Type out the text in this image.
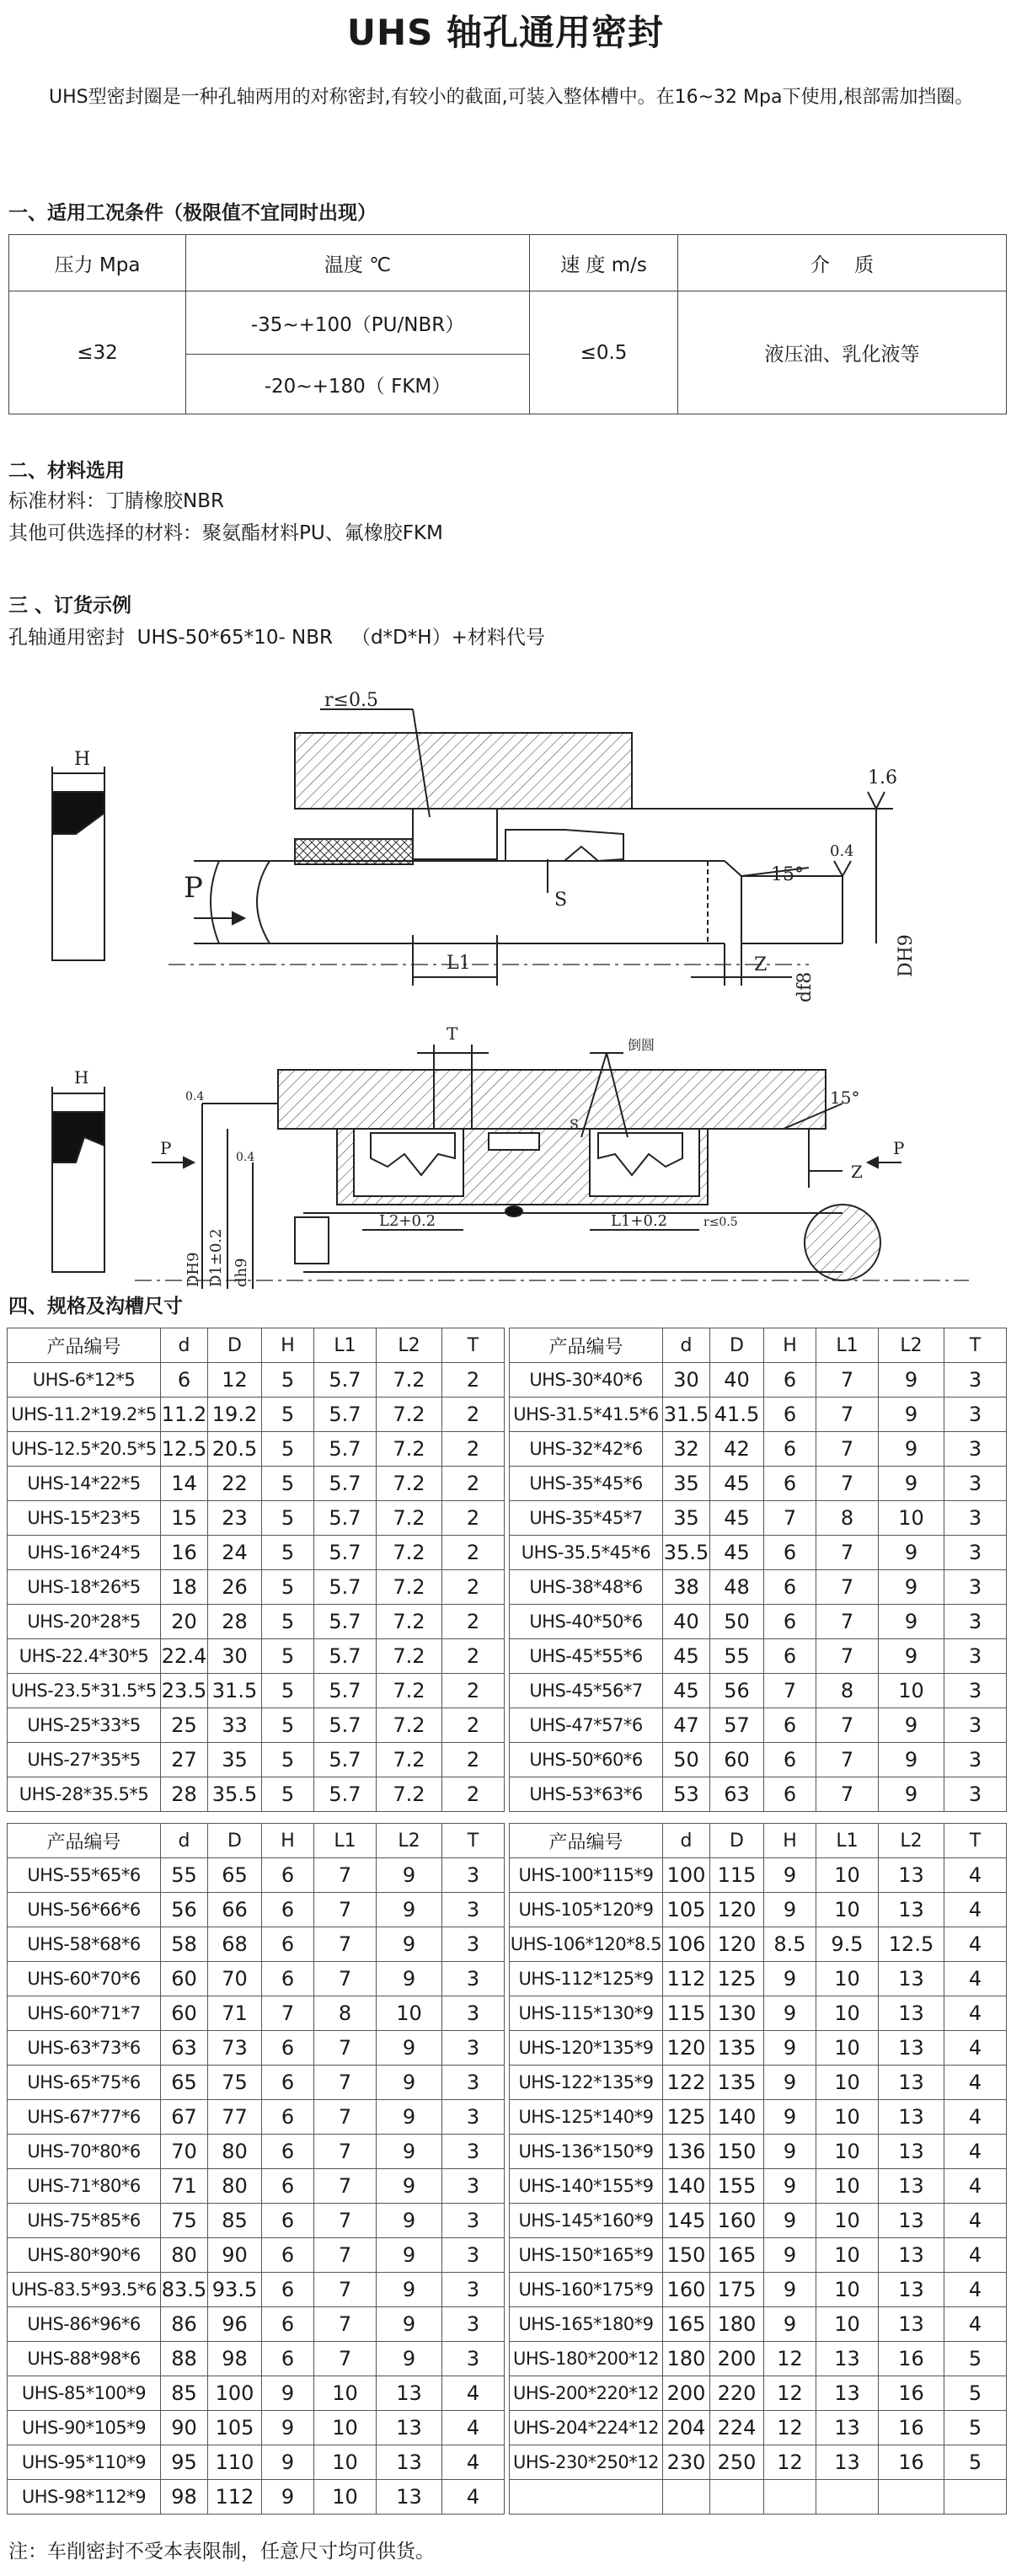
UHS 轴孔通用密封

UHS型密封圈是一种孔轴两用的对称密封,有较小的截面,可装入整体槽中。在16~32 Mpa下使用,根部需加挡圈。

一、适用工况条件（极限值不宜同时出现）

压力 Mpa	温度 ℃	速 度 m/s	介    质
≤32	-35~+100（PU/NBR）	≤0.5	液压油、乳化液等
	-20~+180（ FKM）		

二、材料选用

标准材料：丁腈橡胶NBR

其他可供选择的材料：聚氨酯材料PU、氟橡胶FKM

三 、订货示例

孔轴通用密封  UHS-50*65*10- NBR   （d*D*H）+材料代号

r≤0.5
H
P
1.6
0.4
15°
S
L1	Z
df8
DH9
T
倒圆
H
P	P
0.4
0.4
15°
S
Z
L2+0.2	L1+0.2	r≤0.5
DH9 D1±0.2 dh9

四、规格及沟槽尺寸

产品编号	d	D	H	L1	L2	T
UHS-6*12*5	6	12	5	5.7	7.2	2
UHS-11.2*19.2*5	11.2	19.2	5	5.7	7.2	2
UHS-12.5*20.5*5	12.5	20.5	5	5.7	7.2	2
UHS-14*22*5	14	22	5	5.7	7.2	2
UHS-15*23*5	15	23	5	5.7	7.2	2
UHS-16*24*5	16	24	5	5.7	7.2	2
UHS-18*26*5	18	26	5	5.7	7.2	2
UHS-20*28*5	20	28	5	5.7	7.2	2
UHS-22.4*30*5	22.4	30	5	5.7	7.2	2
UHS-23.5*31.5*5	23.5	31.5	5	5.7	7.2	2
UHS-25*33*5	25	33	5	5.7	7.2	2
UHS-27*35*5	27	35	5	5.7	7.2	2
UHS-28*35.5*5	28	35.5	5	5.7	7.2	2
产品编号	d	D	H	L1	L2	T
UHS-30*40*6	30	40	6	7	9	3
UHS-31.5*41.5*6	31.5	41.5	6	7	9	3
UHS-32*42*6	32	42	6	7	9	3
UHS-35*45*6	35	45	6	7	9	3
UHS-35*45*7	35	45	7	8	10	3
UHS-35.5*45*6	35.5	45	6	7	9	3
UHS-38*48*6	38	48	6	7	9	3
UHS-40*50*6	40	50	6	7	9	3
UHS-45*55*6	45	55	6	7	9	3
UHS-45*56*7	45	56	7	8	10	3
UHS-47*57*6	47	57	6	7	9	3
UHS-50*60*6	50	60	6	7	9	3
UHS-53*63*6	53	63	6	7	9	3
产品编号	d	D	H	L1	L2	T
UHS-55*65*6	55	65	6	7	9	3
UHS-56*66*6	56	66	6	7	9	3
UHS-58*68*6	58	68	6	7	9	3
UHS-60*70*6	60	70	6	7	9	3
UHS-60*71*7	60	71	7	8	10	3
UHS-63*73*6	63	73	6	7	9	3
UHS-65*75*6	65	75	6	7	9	3
UHS-67*77*6	67	77	6	7	9	3
UHS-70*80*6	70	80	6	7	9	3
UHS-71*80*6	71	80	6	7	9	3
UHS-75*85*6	75	85	6	7	9	3
UHS-80*90*6	80	90	6	7	9	3
UHS-83.5*93.5*6	83.5	93.5	6	7	9	3
UHS-86*96*6	86	96	6	7	9	3
UHS-88*98*6	88	98	6	7	9	3
UHS-85*100*9	85	100	9	10	13	4
UHS-90*105*9	90	105	9	10	13	4
UHS-95*110*9	95	110	9	10	13	4
UHS-98*112*9	98	112	9	10	13	4
产品编号	d	D	H	L1	L2	T
UHS-100*115*9	100	115	9	10	13	4
UHS-105*120*9	105	120	9	10	13	4
UHS-106*120*8.5	106	120	8.5	9.5	12.5	4
UHS-112*125*9	112	125	9	10	13	4
UHS-115*130*9	115	130	9	10	13	4
UHS-120*135*9	120	135	9	10	13	4
UHS-122*135*9	122	135	9	10	13	4
UHS-125*140*9	125	140	9	10	13	4
UHS-136*150*9	136	150	9	10	13	4
UHS-140*155*9	140	155	9	10	13	4
UHS-145*160*9	145	160	9	10	13	4
UHS-150*165*9	150	165	9	10	13	4
UHS-160*175*9	160	175	9	10	13	4
UHS-165*180*9	165	180	9	10	13	4
UHS-180*200*12	180	200	12	13	16	5
UHS-200*220*12	200	220	12	13	16	5
UHS-204*224*12	204	224	12	13	16	5
UHS-230*250*12	230	250	12	13	16	5

注：车削密封不受本表限制，任意尺寸均可供货。
